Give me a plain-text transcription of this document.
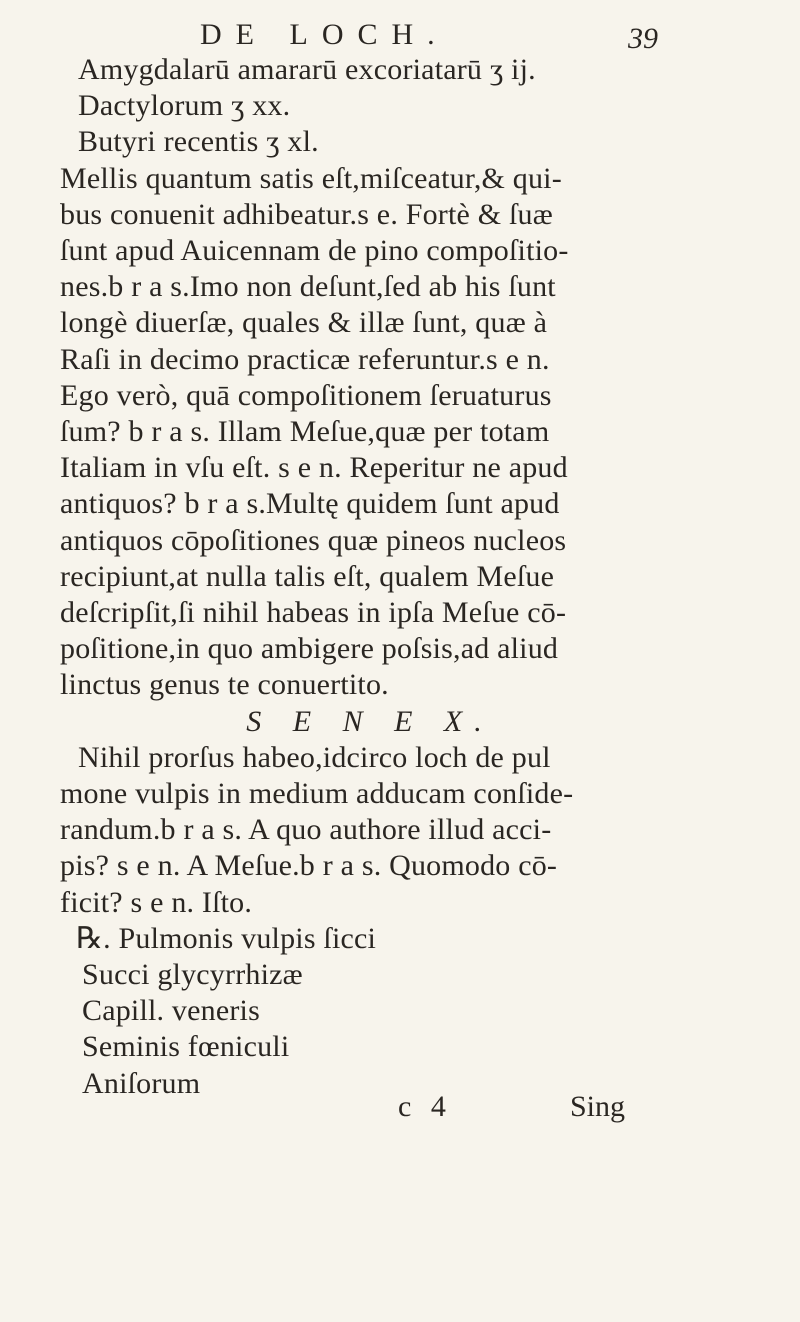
DE LOCH.	39
Amygdalarū amararū excoriatarū ʒ ij.
Dactylorum ʒ xx.
Butyri recentis ʒ xl.
Mellis quantum satis eſt,miſceatur,& qui-
bus conuenit adhibeatur.s e. Fortè & ſuæ
ſunt apud Auicennam de pino compoſitio-
nes.b r a s.Imo non deſunt,ſed ab his ſunt
longè diuerſæ, quales & illæ ſunt, quæ à
Raſi in decimo practicæ referuntur.s e n.
Ego verò, quā compoſitionem ſeruaturus
ſum? b r a s. Illam Meſue,quæ per totam
Italiam in vſu eſt. s e n. Reperitur ne apud
antiquos? b r a s.Multę quidem ſunt apud
antiquos cōpoſitiones quæ pineos nucleos
recipiunt,at nulla talis eſt, qualem Meſue
deſcripſit,ſi nihil habeas in ipſa Meſue cō-
poſitione,in quo ambigere poſsis,ad aliud
linctus genus te conuertito.
S E N E X.
Nihil prorſus habeo,idcirco loch de pul
mone vulpis in medium adducam conſide-
randum.b r a s. A quo authore illud acci-
pis? s e n. A Meſue.b r a s. Quomodo cō-
ficit? s e n. Iſto.
℞. Pulmonis vulpis ſicci
Succi glycyrrhizæ
Capill. veneris
Seminis fœniculi
Aniſorum
c 4	Sing
